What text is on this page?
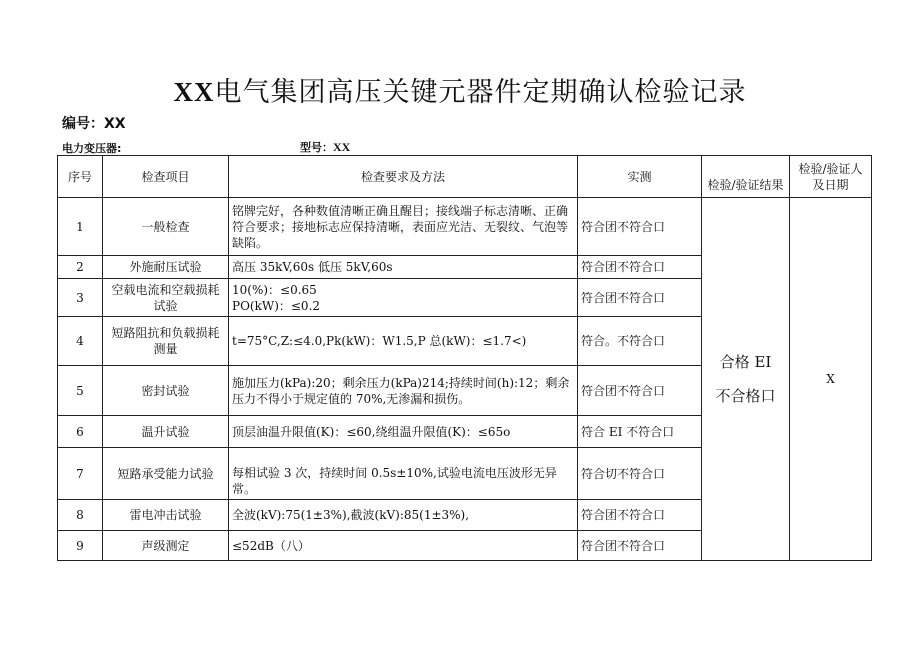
XX电气集团高压关键元器件定期确认检验记录
编号：XX
电力变压器:	型号：XX
序号	检查项目	检查要求及方法	实测	检验/验证结果	检验/验证人及日期
1	一般检查	铭牌完好，各种数值清晰正确且醒目；接线端子标志清晰、正确符合要求；接地标志应保持清晰，表面应光洁、无裂纹、气泡等缺陷。	符合团不符合口	合格 EI
不合格口	X
2	外施耐压试验	高压 35kV,60s 低压 5kV,60s	符合团不符合口		
3	空载电流和空载损耗试验	10(%)：≤0.65
PO(kW)：≤0.2	符合团不符合口		
4	短路阻抗和负载损耗测量	t=75°C,Z:≤4.0,Pk(kW)：W1.5,P 总(kW)：≤1.7<)	符合。不符合口		
5	密封试验	施加压力(kPa):20；剩余压力(kPa)214;持续时间(h):12；剩余压力不得小于规定值的 70%,无渗漏和损伤。	符合团不符合口		
6	温升试验	顶层油温升限值(K)：≤60,绕组温升限值(K)：≤65o	符合 EI 不符合口		
7	短路承受能力试验	每相试验 3 次，持续时间 0.5s±10%,试验电流电压波形无异常。	符合切不符合口		
8	雷电冲击试验	全波(kV):75(1±3%),截波(kV):85(1±3%),	符合团不符合口		
9	声级测定	≤52dB（八）	符合团不符合口		
